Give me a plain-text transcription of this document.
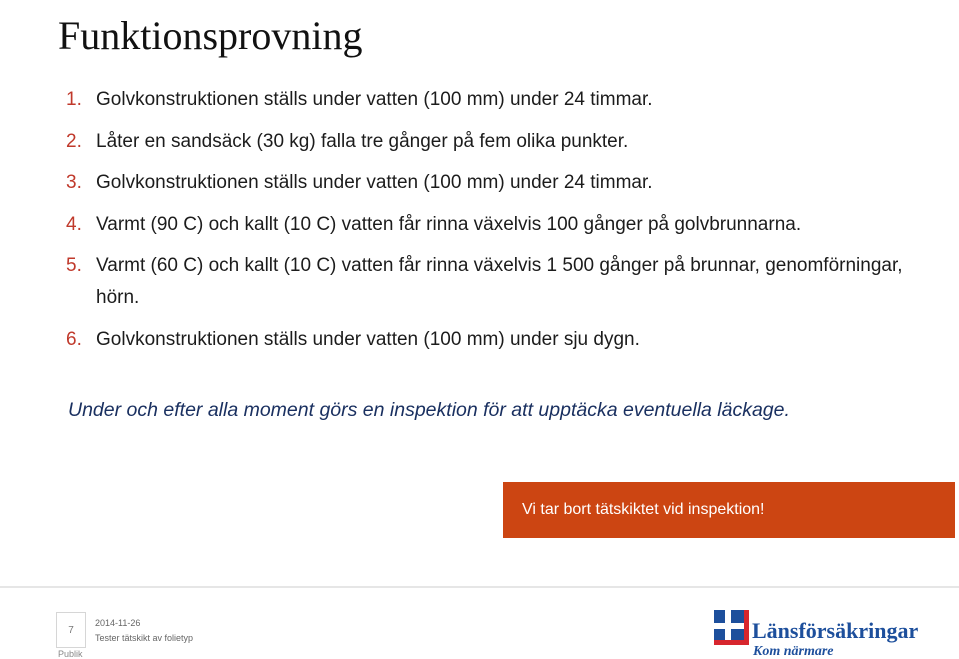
Funktionsprovning
1. Golvkonstruktionen ställs under vatten (100 mm) under 24 timmar.
2. Låter en sandsäck (30 kg) falla tre gånger på fem olika punkter.
3. Golvkonstruktionen ställs under vatten (100 mm) under 24 timmar.
4. Varmt (90 C) och kallt (10 C) vatten får rinna växelvis 100 gånger på golvbrunnarna.
5. Varmt (60 C) och kallt (10 C) vatten får rinna växelvis 1 500 gånger på brunnar, genomförningar, hörn.
6. Golvkonstruktionen ställs under vatten (100 mm) under sju dygn.

Under och efter alla moment görs en inspektion för att upptäcka eventuella läckage.

Vi tar bort tätskiktet vid inspektion!
7
Publik
2014-11-26
Tester tätskikt av folietyp	Länsförsäkringar
Kom närmare
